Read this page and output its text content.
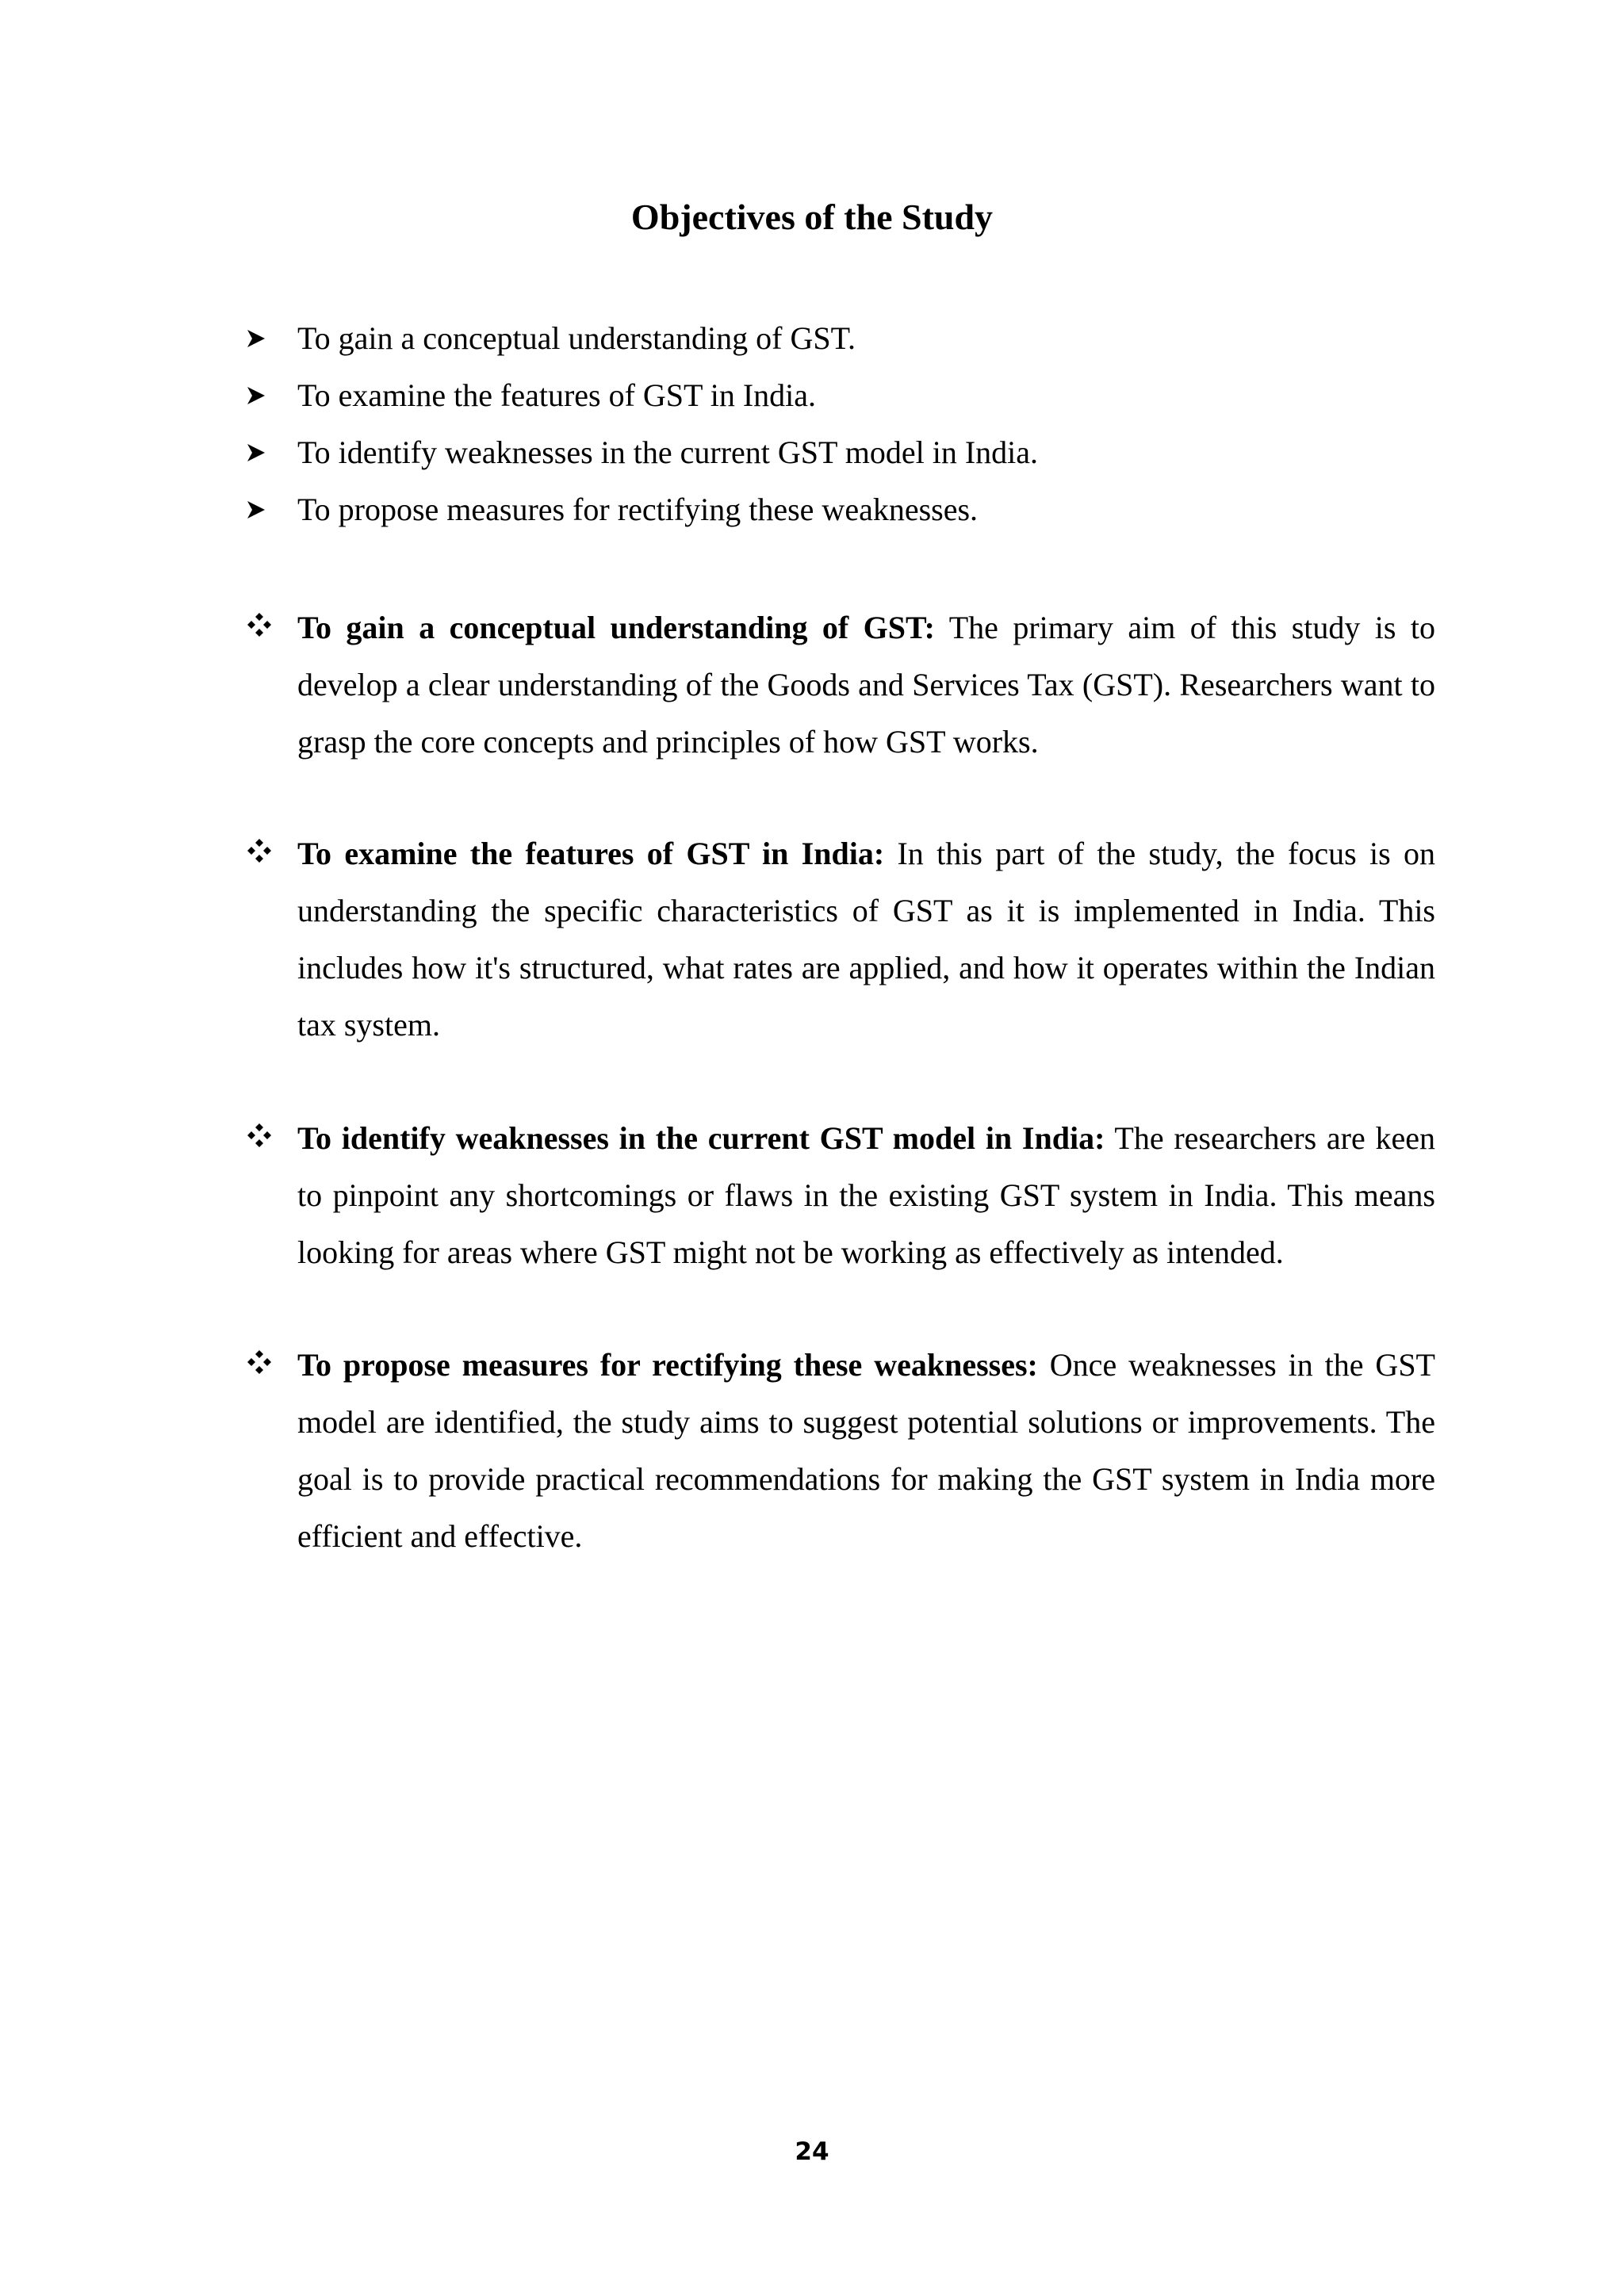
Objectives of the Study
To gain a conceptual understanding of GST.
To examine the features of GST in India.
To identify weaknesses in the current GST model in India.
To propose measures for rectifying these weaknesses.

To gain a conceptual understanding of GST: The primary aim of this study is to develop a clear understanding of the Goods and Services Tax (GST). Researchers want to grasp the core concepts and principles of how GST works.

To examine the features of GST in India: In this part of the study, the focus is on understanding the specific characteristics of GST as it is implemented in India. This includes how it's structured, what rates are applied, and how it operates within the Indian tax system.

To identify weaknesses in the current GST model in India: The researchers are keen to pinpoint any shortcomings or flaws in the existing GST system in India. This means looking for areas where GST might not be working as effectively as intended.

To propose measures for rectifying these weaknesses: Once weaknesses in the GST model are identified, the study aims to suggest potential solutions or improvements. The goal is to provide practical recommendations for making the GST system in India more efficient and effective.

24
